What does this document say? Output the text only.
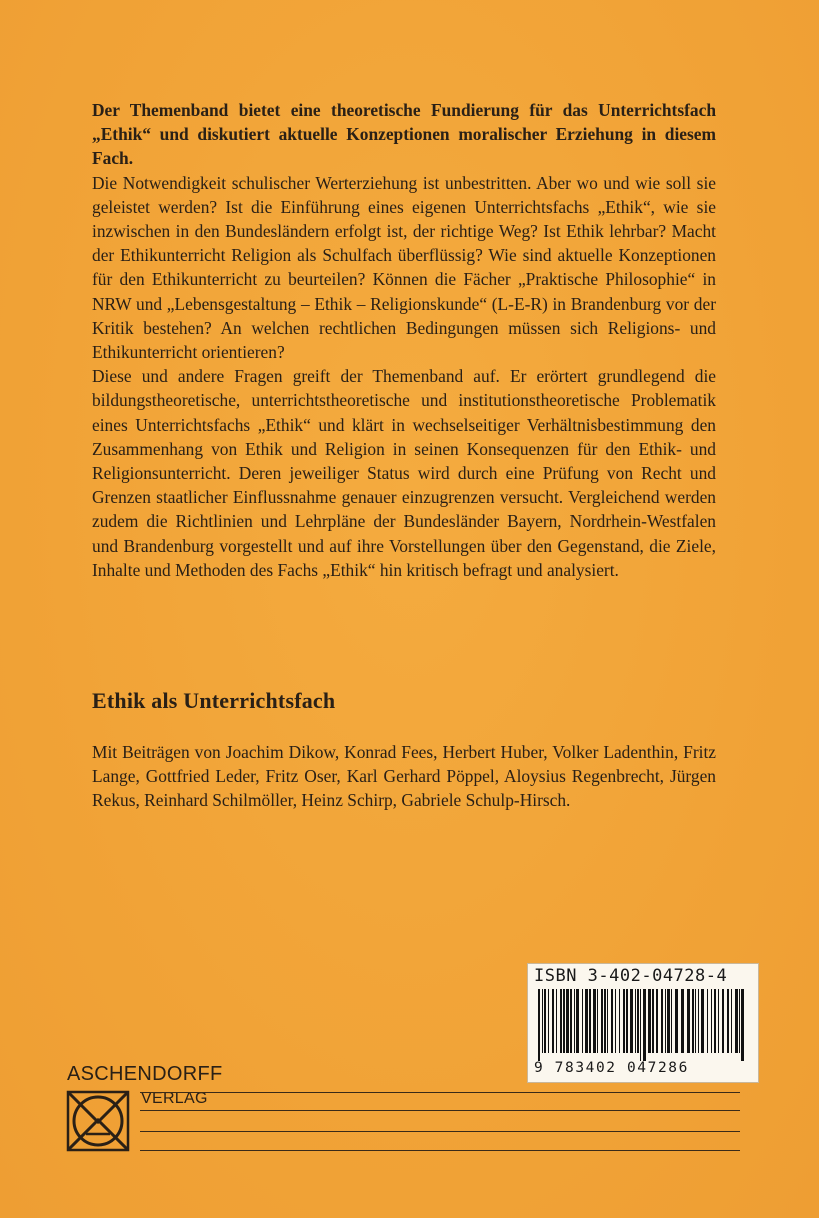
Der Themenband bietet eine theoretische Fundierung für das Unterrichtsfach „Ethik“ und diskutiert aktuelle Konzeptionen moralischer Erziehung in diesem Fach.

Die Notwendigkeit schulischer Werterziehung ist unbestritten. Aber wo und wie soll sie geleistet werden? Ist die Einführung eines eigenen Unterrichtsfachs „Ethik“, wie sie inzwischen in den Bundesländern erfolgt ist, der richtige Weg? Ist Ethik lehrbar? Macht der Ethikunterricht Religion als Schulfach überflüssig? Wie sind aktuelle Konzeptionen für den Ethikunterricht zu beurteilen? Können die Fächer „Praktische Philosophie“ in NRW und „Lebensgestaltung – Ethik – Religionskunde“ (L-E-R) in Brandenburg vor der Kritik bestehen? An welchen rechtlichen Bedingungen müssen sich Religions- und Ethikunterricht orientieren?

Diese und andere Fragen greift der Themenband auf. Er erörtert grundlegend die bildungstheoretische, unterrichtstheoretische und institutionstheoretische Problematik eines Unterrichtsfachs „Ethik“ und klärt in wechselseitiger Verhältnisbestimmung den Zusammenhang von Ethik und Religion in seinen Konsequenzen für den Ethik- und Religionsunterricht. Deren jeweiliger Status wird durch eine Prüfung von Recht und Grenzen staatlicher Einflussnahme genauer einzugrenzen versucht. Vergleichend werden zudem die Richtlinien und Lehrpläne der Bundesländer Bayern, Nordrhein-Westfalen und Brandenburg vorgestellt und auf ihre Vorstellungen über den Gegenstand, die Ziele, Inhalte und Methoden des Fachs „Ethik“ hin kritisch befragt und analysiert.

Ethik als Unterrichtsfach
Mit Beiträgen von Joachim Dikow, Konrad Fees, Herbert Huber, Volker Ladenthin, Fritz Lange, Gottfried Leder, Fritz Oser, Karl Gerhard Pöppel, Aloysius Regenbrecht, Jürgen Rekus, Reinhard Schilmöller, Heinz Schirp, Gabriele Schulp-Hirsch.
ISBN 3-402-04728-4
9 783402 047286
ASCHENDORFF
VERLAG
